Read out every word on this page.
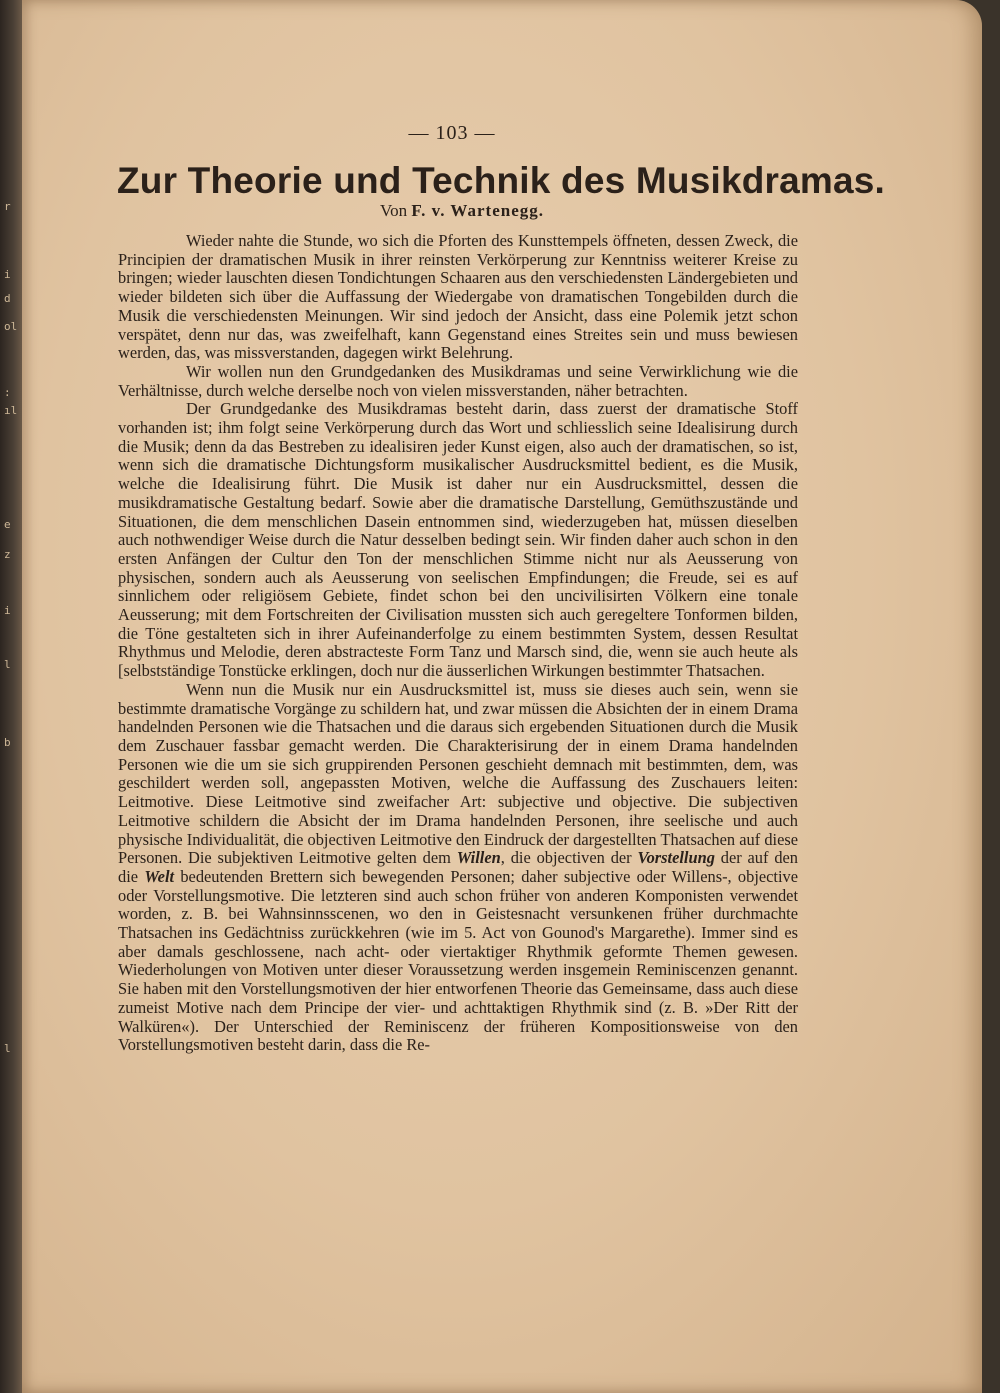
r
i
d
ol
:
ıl
e
z
i
l
b
l
— 103 —
Zur Theorie und Technik des Musikdramas.
Von F. v. Wartenegg.

Wieder nahte die Stunde, wo sich die Pforten des Kunsttempels öffneten, dessen Zweck, die Principien der dramatischen Musik in ihrer reinsten Verkörperung zur Kenntniss weiterer Kreise zu bringen; wieder lauschten diesen Tondichtungen Schaaren aus den verschiedensten Ländergebieten und wieder bildeten sich über die Auffassung der Wiedergabe von dramatischen Tongebilden durch die Musik die verschiedensten Meinungen. Wir sind jedoch der Ansicht, dass eine Polemik jetzt schon verspätet, denn nur das, was zweifelhaft, kann Gegenstand eines Streites sein und muss bewiesen werden, das, was missverstanden, dagegen wirkt Belehrung.

Wir wollen nun den Grundgedanken des Musikdramas und seine Verwirklichung wie die Verhältnisse, durch welche derselbe noch von vielen missverstanden, näher betrachten.

Der Grundgedanke des Musikdramas besteht darin, dass zuerst der dramatische Stoff vorhanden ist; ihm folgt seine Verkörperung durch das Wort und schliesslich seine Idealisirung durch die Musik; denn da das Bestreben zu idealisiren jeder Kunst eigen, also auch der dramatischen, so ist, wenn sich die dramatische Dichtungsform musikalischer Ausdrucksmittel bedient, es die Musik, welche die Idealisirung führt. Die Musik ist daher nur ein Ausdrucksmittel, dessen die musikdramatische Gestaltung bedarf. Sowie aber die dramatische Darstellung, Gemüthszustände und Situationen, die dem menschlichen Dasein entnommen sind, wiederzugeben hat, müssen dieselben auch nothwendiger Weise durch die Natur desselben bedingt sein. Wir finden daher auch schon in den ersten Anfängen der Cultur den Ton der menschlichen Stimme nicht nur als Aeusserung von physischen, sondern auch als Aeusserung von seelischen Empfindungen; die Freude, sei es auf sinnlichem oder religiösem Gebiete, findet schon bei den uncivilisirten Völkern eine tonale Aeusserung; mit dem Fortschreiten der Civilisation mussten sich auch geregeltere Tonformen bilden, die Töne gestalteten sich in ihrer Aufeinanderfolge zu einem bestimmten System, dessen Resultat Rhythmus und Melodie, deren abstracteste Form Tanz und Marsch sind, die, wenn sie auch heute als [selbstständige Tonstücke erklingen, doch nur die äusserlichen Wirkungen bestimmter Thatsachen.

Wenn nun die Musik nur ein Ausdrucksmittel ist, muss sie dieses auch sein, wenn sie bestimmte dramatische Vorgänge zu schildern hat, und zwar müssen die Absichten der in einem Drama handelnden Personen wie die Thatsachen und die daraus sich ergebenden Situationen durch die Musik dem Zuschauer fassbar gemacht werden. Die Charakterisirung der in einem Drama handelnden Personen wie die um sie sich gruppirenden Personen geschieht demnach mit bestimmten, dem, was geschildert werden soll, angepassten Motiven, welche die Auffassung des Zuschauers leiten: Leitmotive. Diese Leitmotive sind zweifacher Art: subjective und objective. Die subjectiven Leitmotive schildern die Absicht der im Drama handelnden Personen, ihre seelische und auch physische Individualität, die objectiven Leitmotive den Eindruck der dargestellten Thatsachen auf diese Personen. Die subjektiven Leitmotive gelten dem Willen, die objectiven der Vorstellung der auf den die Welt bedeutenden Brettern sich bewegenden Personen; daher subjective oder Willens-, objective oder Vorstellungsmotive. Die letzteren sind auch schon früher von anderen Komponisten verwendet worden, z. B. bei Wahnsinnsscenen, wo den in Geistesnacht versunkenen früher durchmachte Thatsachen ins Gedächtniss zurückkehren (wie im 5. Act von Gounod's Margarethe). Immer sind es aber damals geschlossene, nach acht- oder viertaktiger Rhythmik geformte Themen gewesen. Wiederholungen von Motiven unter dieser Voraussetzung werden insgemein Reminiscenzen genannt. Sie haben mit den Vorstellungsmotiven der hier entworfenen Theorie das Gemeinsame, dass auch diese zumeist Motive nach dem Principe der vier- und achttaktigen Rhythmik sind (z. B. »Der Ritt der Walküren«). Der Unterschied der Reminiscenz der früheren Kompositionsweise von den Vorstellungsmotiven besteht darin, dass die Re-
